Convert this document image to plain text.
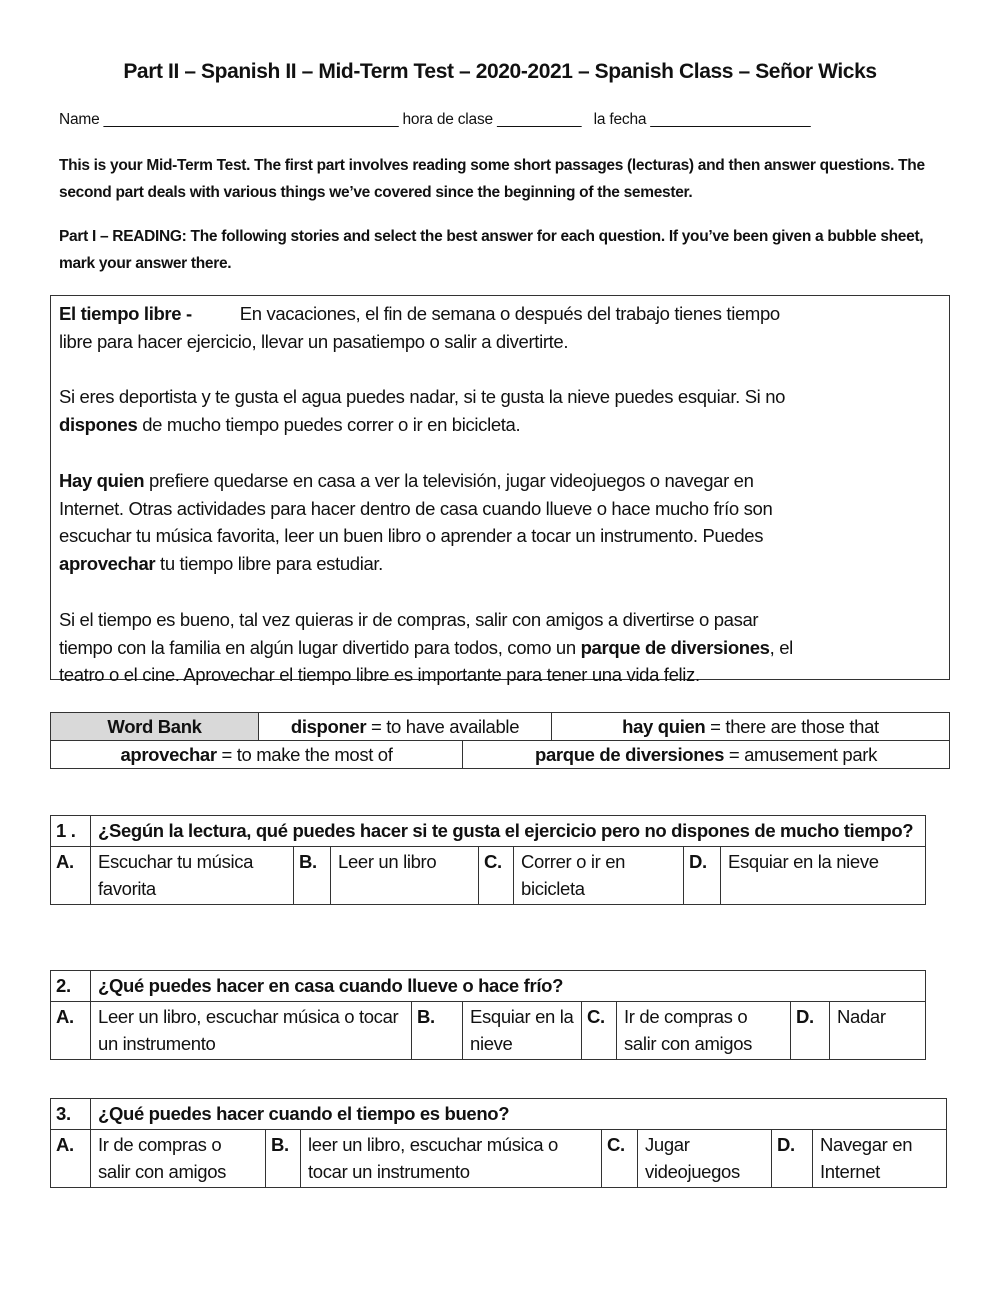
Part II – Spanish II – Mid-Term Test – 2020-2021 – Spanish Class – Señor Wicks
Name ___________________________________ hora de clase __________ la fecha ___________________
This is your Mid-Term Test. The first part involves reading some short passages (lecturas) and then answer questions. The second part deals with various things we’ve covered since the beginning of the semester.
Part I – READING: The following stories and select the best answer for each question. If you’ve been given a bubble sheet, mark your answer there.
El tiempo libre -          En vacaciones, el fin de semana o después del trabajo tienes tiempo
libre para hacer ejercicio, llevar un pasatiempo o salir a divertirte.
Si eres deportista y te gusta el agua puedes nadar, si te gusta la nieve puedes esquiar. Si no
dispones de mucho tiempo puedes correr o ir en bicicleta.
Hay quien prefiere quedarse en casa a ver la televisión, jugar videojuegos o navegar en
Internet. Otras actividades para hacer dentro de casa cuando llueve o hace mucho frío son
escuchar tu música favorita, leer un buen libro o aprender a tocar un instrumento. Puedes
aprovechar tu tiempo libre para estudiar.
Si el tiempo es bueno, tal vez quieras ir de compras, salir con amigos a divertirse o pasar
tiempo con la familia en algún lugar divertido para todos, como un parque de diversiones, el
teatro o el cine. Aprovechar el tiempo libre es importante para tener una vida feliz.
Word Bank	disponer = to have available		hay quien = there are those that
aprovechar = to make the most of		parque de diversiones = amusement park	
1 .	¿Según la lectura, qué puedes hacer si te gusta el ejercicio pero no dispones de mucho tiempo?						
A.	Escuchar tu música favorita	B.	Leer un libro	C.	Correr o ir en bicicleta	D.	Esquiar en la nieve
2.	¿Qué puedes hacer en casa cuando llueve o hace frío?						
A.	Leer un libro, escuchar música o tocar un instrumento	B.	Esquiar en la nieve	C.	Ir de compras o salir con amigos	D.	Nadar
3.	¿Qué puedes hacer cuando el tiempo es bueno?						
A.	Ir de compras o salir con amigos	B.	leer un libro, escuchar música o tocar un instrumento	C.	Jugar videojuegos	D.	Navegar en Internet
